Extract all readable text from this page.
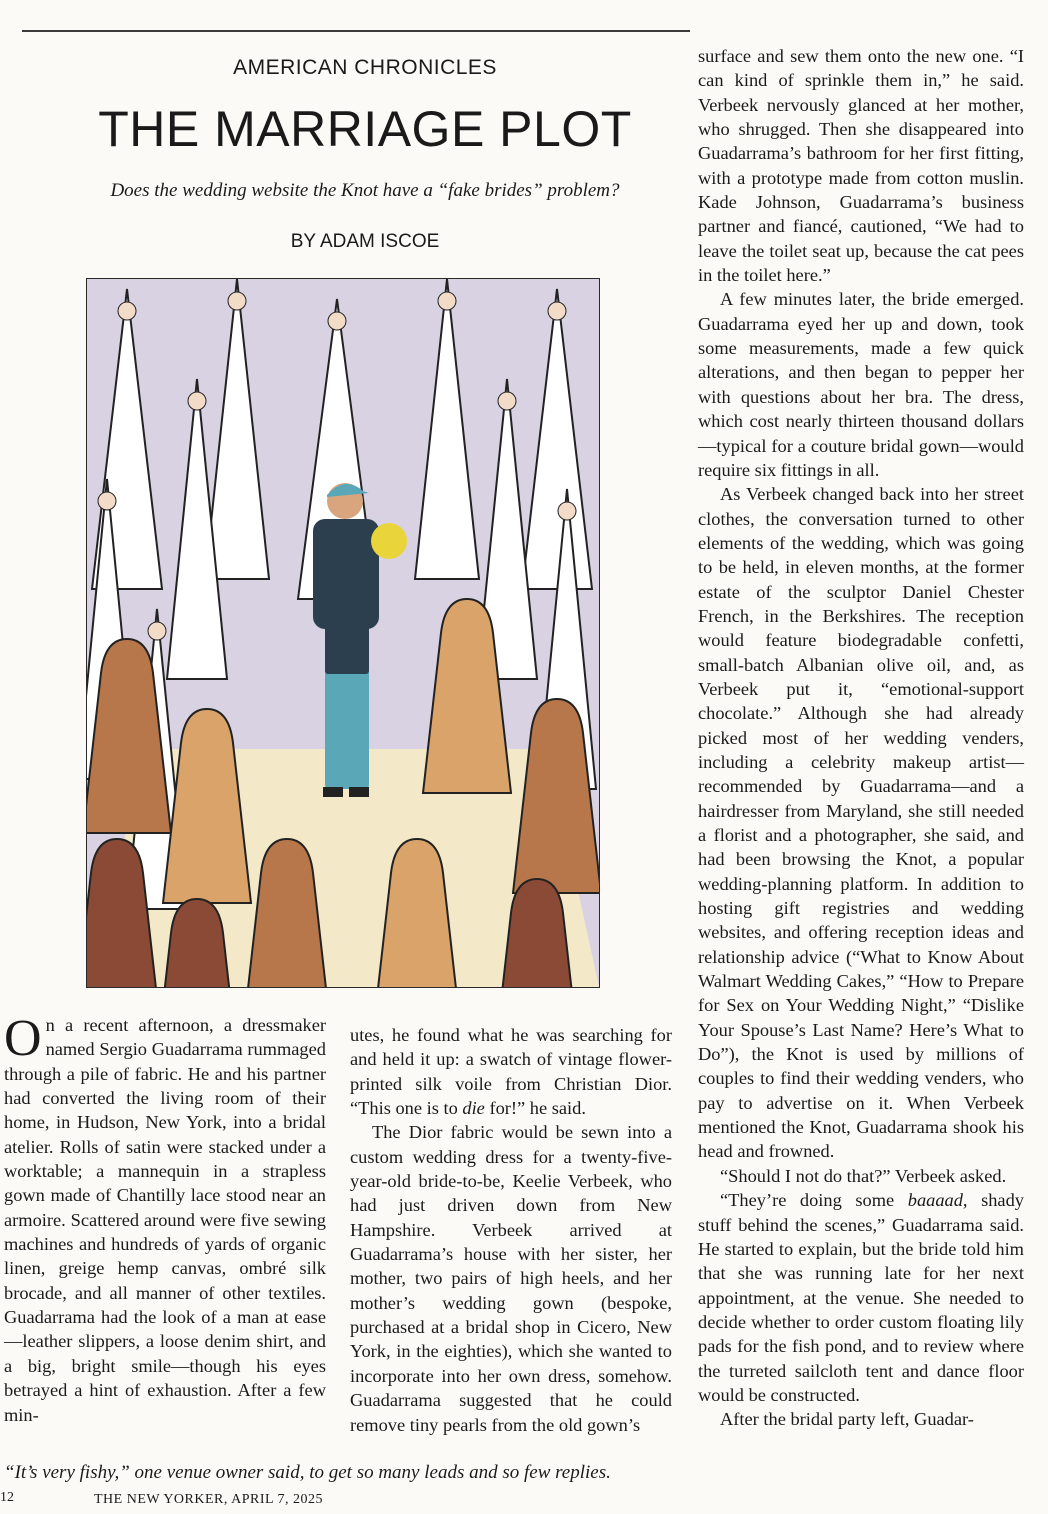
AMERICAN CHRONICLES
THE MARRIAGE PLOT
Does the wedding website the Knot have a “fake brides” problem?
BY ADAM ISCOE

On a recent afternoon, a dressmaker named Sergio Guadarrama rummaged through a pile of fabric. He and his partner had converted the living room of their home, in Hudson, New York, into a bridal atelier. Rolls of satin were stacked under a worktable; a mannequin in a strapless gown made of Chantilly lace stood near an armoire. Scattered around were five sewing machines and hundreds of yards of organic linen, greige hemp canvas, ombré silk brocade, and all manner of other textiles. Guadarrama had the look of a man at ease—leather slippers, a loose denim shirt, and a big, bright smile—though his eyes betrayed a hint of exhaustion. After a few min-

utes, he found what he was searching for and held it up: a swatch of vintage flower-printed silk voile from Christian Dior. “This one is to die for!” he said.

The Dior fabric would be sewn into a custom wedding dress for a twenty-five-year-old bride-to-be, Keelie Verbeek, who had just driven down from New Hampshire. Verbeek arrived at Guadarrama’s house with her sister, her mother, two pairs of high heels, and her mother’s wedding gown (bespoke, purchased at a bridal shop in Cicero, New York, in the eighties), which she wanted to incorporate into her own dress, somehow. Guadarrama suggested that he could remove tiny pearls from the old gown’s

surface and sew them onto the new one. “I can kind of sprinkle them in,” he said. Verbeek nervously glanced at her mother, who shrugged. Then she disappeared into Guadarrama’s bathroom for her first fitting, with a prototype made from cotton muslin. Kade Johnson, Guadarrama’s business partner and fiancé, cautioned, “We had to leave the toilet seat up, because the cat pees in the toilet here.”

A few minutes later, the bride emerged. Guadarrama eyed her up and down, took some measurements, made a few quick alterations, and then began to pepper her with questions about her bra. The dress, which cost nearly thirteen thousand dollars—typical for a couture bridal gown—would require six fittings in all.

As Verbeek changed back into her street clothes, the conversation turned to other elements of the wedding, which was going to be held, in eleven months, at the former estate of the sculptor Daniel Chester French, in the Berkshires. The reception would feature biodegradable confetti, small-batch Albanian olive oil, and, as Verbeek put it, “emotional-support chocolate.” Although she had already picked most of her wedding venders, including a celebrity makeup artist—recommended by Guadarrama—and a hairdresser from Maryland, she still needed a florist and a photographer, she said, and had been browsing the Knot, a popular wedding-planning platform. In addition to hosting gift registries and wedding websites, and offering reception ideas and relationship advice (“What to Know About Walmart Wedding Cakes,” “How to Prepare for Sex on Your Wedding Night,” “Dislike Your Spouse’s Last Name? Here’s What to Do”), the Knot is used by millions of couples to find their wedding venders, who pay to advertise on it. When Verbeek mentioned the Knot, Guadarrama shook his head and frowned.

“Should I not do that?” Verbeek asked.

“They’re doing some baaaad, shady stuff behind the scenes,” Guadarrama said. He started to explain, but the bride told him that she was running late for her next appointment, at the venue. She needed to decide whether to order custom floating lily pads for the fish pond, and to review where the turreted sailcloth tent and dance floor would be constructed.

After the bridal party left, Guadar-

“It’s very fishy,” one venue owner said, to get so many leads and so few replies.
12	THE NEW YORKER, APRIL 7, 2025
